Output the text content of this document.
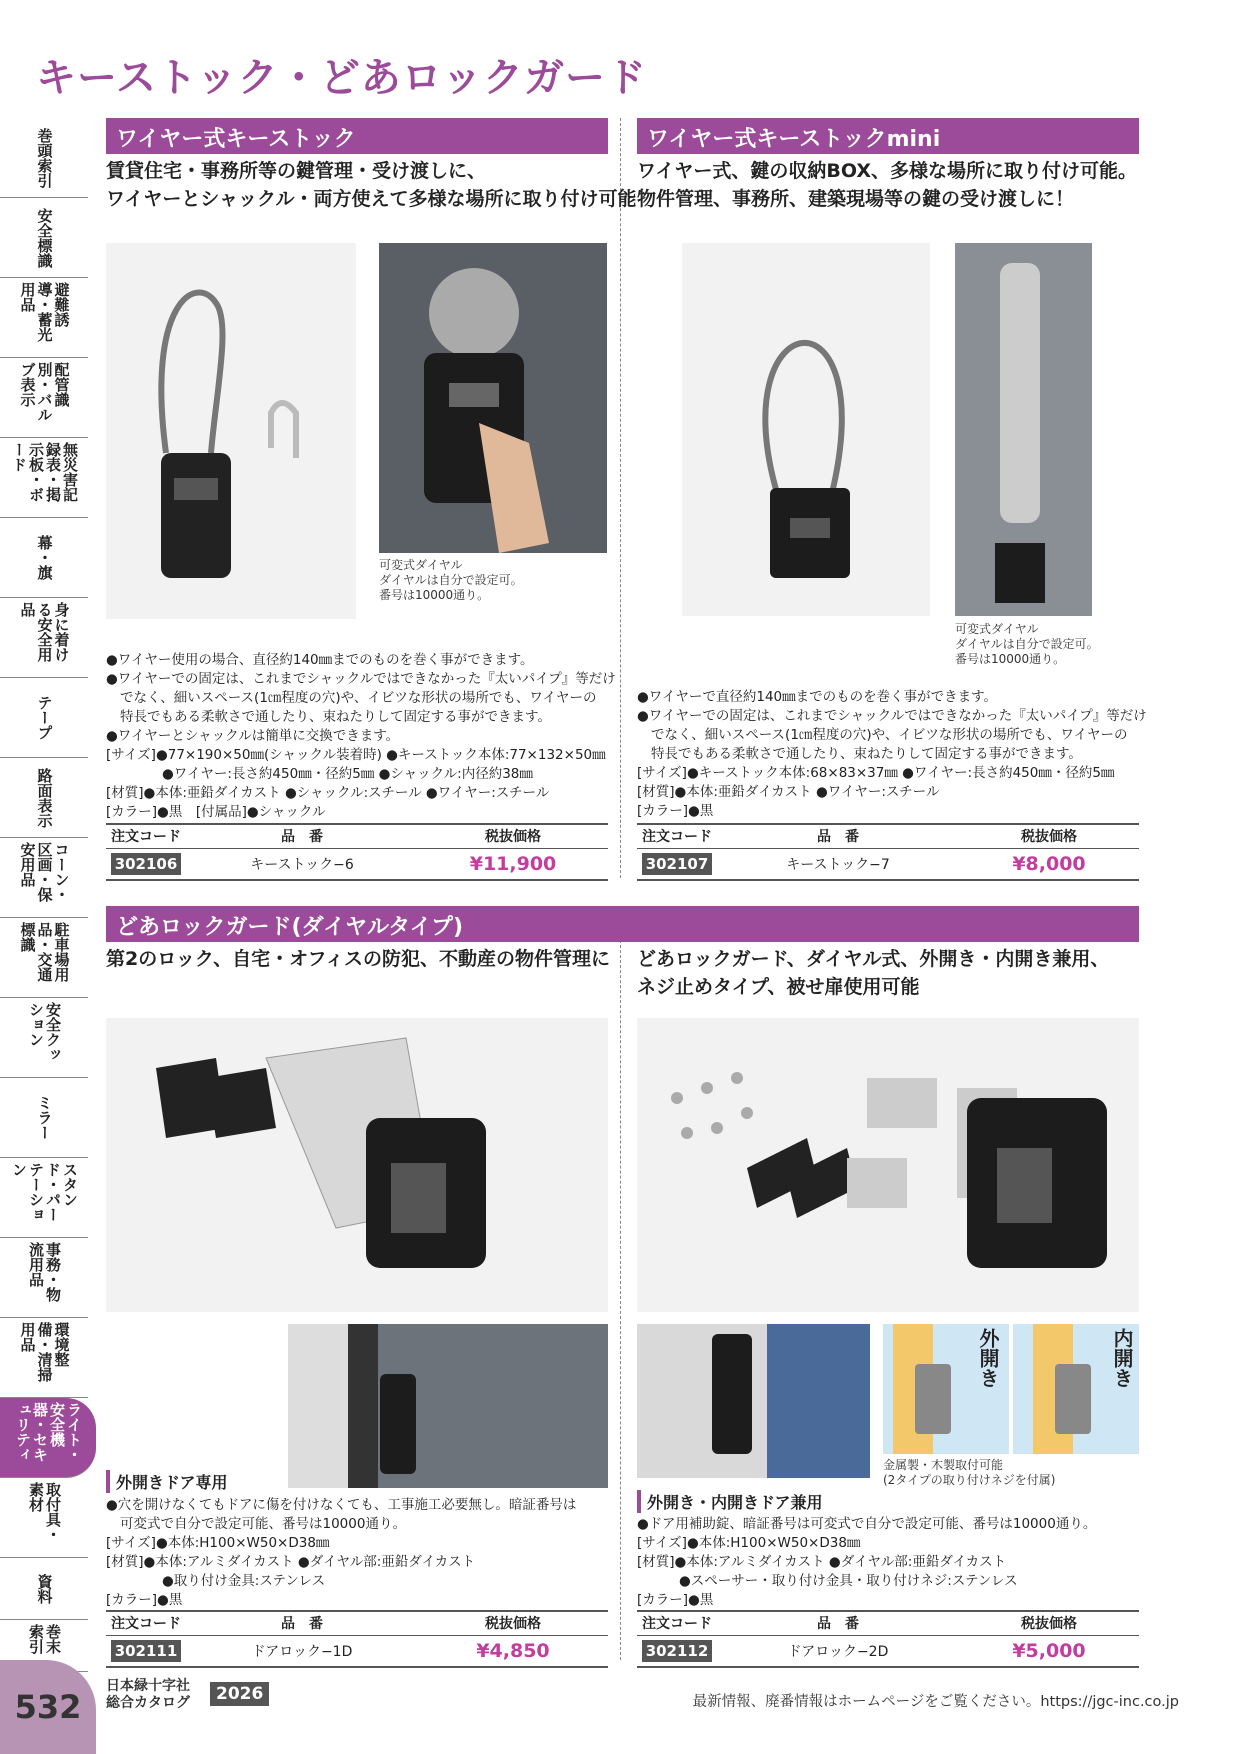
キーストック・どあロックガード
巻頭索引
安全標識
避難誘導・蓄光用品
配管識別・バルブ表示
無災害記録表・掲示板・ボード
幕・旗
身に着ける安全用品
テープ
路面表示
コーン・区画・保安用品
駐車場用品・交通標識
安全クッション
ミラー
スタンド・パーテーション
事務・物流用品
環境整備・清掃用品
ライト・安全機器・セキュリティ
取付具・素材
資料
巻末索引
532
ワイヤー式キーストック
賃貸住宅・事務所等の鍵管理・受け渡しに、
ワイヤーとシャックル・両方使えて多様な場所に取り付け可能
可変式ダイヤル
ダイヤルは自分で設定可。
番号は10000通り。

●ワイヤー使用の場合、直径約140㎜までのものを巻く事ができます。

●ワイヤーでの固定は、これまでシャックルではできなかった『太いパイプ』等だけ

でなく、細いスペース(1㎝程度の穴)や、イビツな形状の場所でも、ワイヤーの

特長でもある柔軟さで通したり、束ねたりして固定する事ができます。

●ワイヤーとシャックルは簡単に交換できます。

[サイズ]●77×190×50㎜(シャックル装着時) ●キーストック本体:77×132×50㎜

●ワイヤー:長さ約450㎜・径約5㎜ ●シャックル:内径約38㎜

[材質]●本体:亜鉛ダイカスト ●シャックル:スチール ●ワイヤー:スチール

[カラー]●黒　[付属品]●シャックル

注文コード	品　番	税抜価格
302106	キーストック−6	¥11,900
ワイヤー式キーストックmini
ワイヤー式、鍵の収納BOX、多様な場所に取り付け可能。
物件管理、事務所、建築現場等の鍵の受け渡しに！
可変式ダイヤル
ダイヤルは自分で設定可。
番号は10000通り。

●ワイヤーで直径約140㎜までのものを巻く事ができます。

●ワイヤーでの固定は、これまでシャックルではできなかった『太いパイプ』等だけ

でなく、細いスペース(1㎝程度の穴)や、イビツな形状の場所でも、ワイヤーの

特長でもある柔軟さで通したり、束ねたりして固定する事ができます。

[サイズ]●キーストック本体:68×83×37㎜ ●ワイヤー:長さ約450㎜・径約5㎜

[材質]●本体:亜鉛ダイカスト ●ワイヤー:スチール

[カラー]●黒

注文コード	品　番	税抜価格
302107	キーストック−7	¥8,000
どあロックガード(ダイヤルタイプ)
第2のロック、自宅・オフィスの防犯、不動産の物件管理に どあロックガード、ダイヤル式、外開き・内開き兼用、
ネジ止めタイプ、被せ扉使用可能
外開きドア専用

●穴を開けなくてもドアに傷を付けなくても、工事施工必要無し。暗証番号は

可変式で自分で設定可能、番号は10000通り。

[サイズ]●本体:H100×W50×D38㎜

[材質]●本体:アルミダイカスト ●ダイヤル部:亜鉛ダイカスト

●取り付け金具:ステンレス

[カラー]●黒

注文コード	品　番	税抜価格
302111	ドアロック−1D	¥4,850
外開き	内開き
金属製・木製取付可能
(2タイプの取り付けネジを付属)
外開き・内開きドア兼用

●ドア用補助錠、暗証番号は可変式で自分で設定可能、番号は10000通り。

[サイズ]●本体:H100×W50×D38㎜

[材質]●本体:アルミダイカスト ●ダイヤル部:亜鉛ダイカスト

●スペーサー・取り付け金具・取り付けネジ:ステンレス

[カラー]●黒

注文コード	品　番	税抜価格
302112	ドアロック−2D	¥5,000
日本緑十字社
総合カタログ	2026	最新情報、廃番情報はホームページをご覧ください。https://jgc-inc.co.jp
